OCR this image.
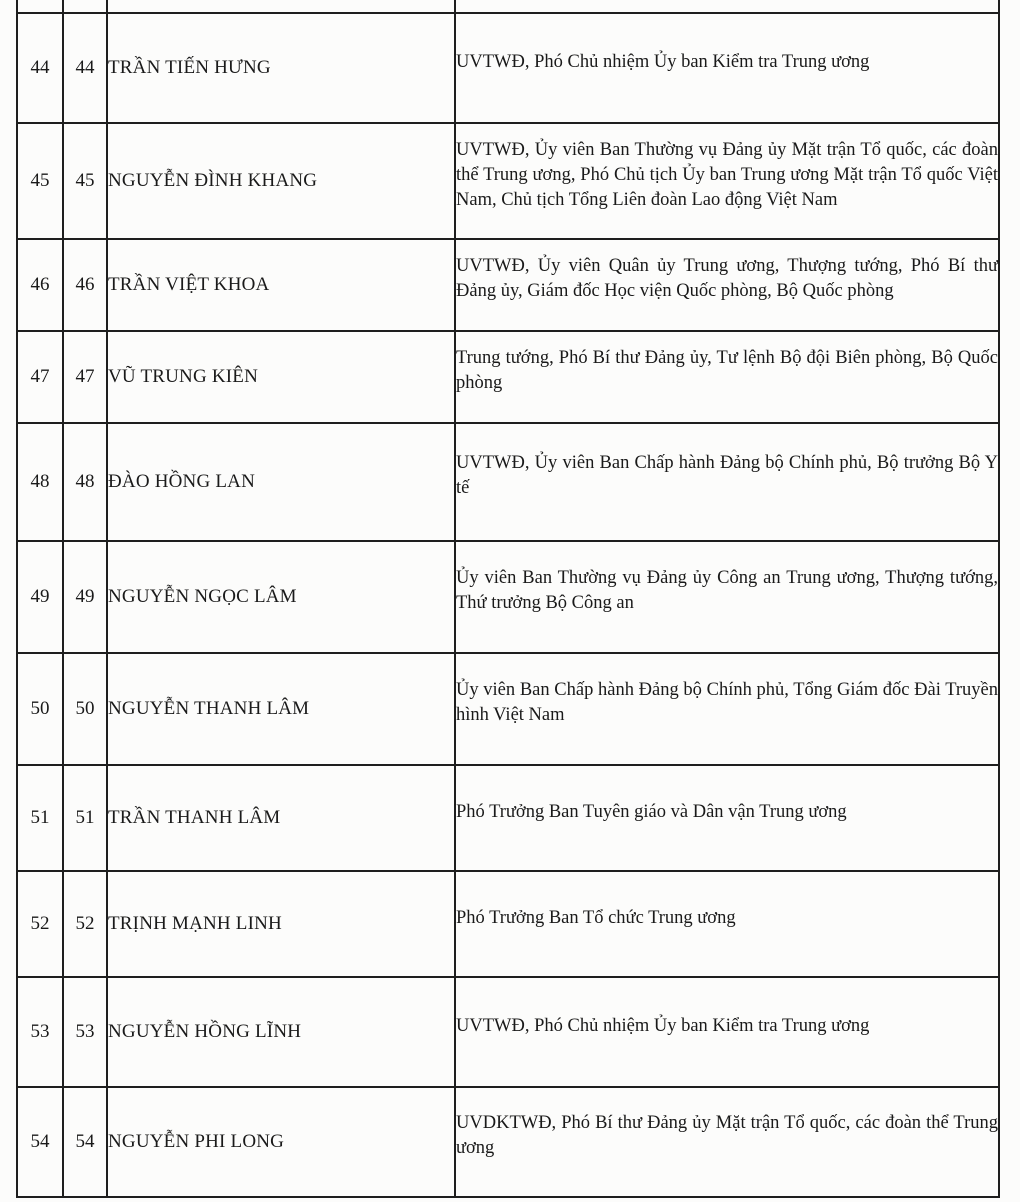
44	44	TRẦN TIẾN HƯNG	UVTWĐ, Phó Chủ nhiệm Ủy ban Kiểm tra Trung ương

45	45	NGUYỄN ĐÌNH KHANG	UVTWĐ, Ủy viên Ban Thường vụ Đảng ủy Mặt trận Tổ quốc, các đoàn thể Trung ương, Phó Chủ tịch Ủy ban Trung ương Mặt trận Tổ quốc Việt Nam, Chủ tịch Tổng Liên đoàn Lao động Việt Nam

46	46	TRẦN VIỆT KHOA	UVTWĐ, Ủy viên Quân ủy Trung ương, Thượng tướng, Phó Bí thư Đảng ủy, Giám đốc Học viện Quốc phòng, Bộ Quốc phòng

47	47	VŨ TRUNG KIÊN	Trung tướng, Phó Bí thư Đảng ủy, Tư lệnh Bộ đội Biên phòng, Bộ Quốc phòng

48	48	ĐÀO HỒNG LAN	UVTWĐ, Ủy viên Ban Chấp hành Đảng bộ Chính phủ, Bộ trưởng Bộ Y tế

49	49	NGUYỄN NGỌC LÂM	Ủy viên Ban Thường vụ Đảng ủy Công an Trung ương, Thượng tướng, Thứ trưởng Bộ Công an

50	50	NGUYỄN THANH LÂM	Ủy viên Ban Chấp hành Đảng bộ Chính phủ, Tổng Giám đốc Đài Truyền hình Việt Nam

51	51	TRẦN THANH LÂM	Phó Trưởng Ban Tuyên giáo và Dân vận Trung ương

52	52	TRỊNH MẠNH LINH	Phó Trưởng Ban Tổ chức Trung ương

53	53	NGUYỄN HỒNG LĨNH	UVTWĐ, Phó Chủ nhiệm Ủy ban Kiểm tra Trung ương

54	54	NGUYỄN PHI LONG	UVDKTWĐ, Phó Bí thư Đảng ủy Mặt trận Tổ quốc, các đoàn thể Trung ương
